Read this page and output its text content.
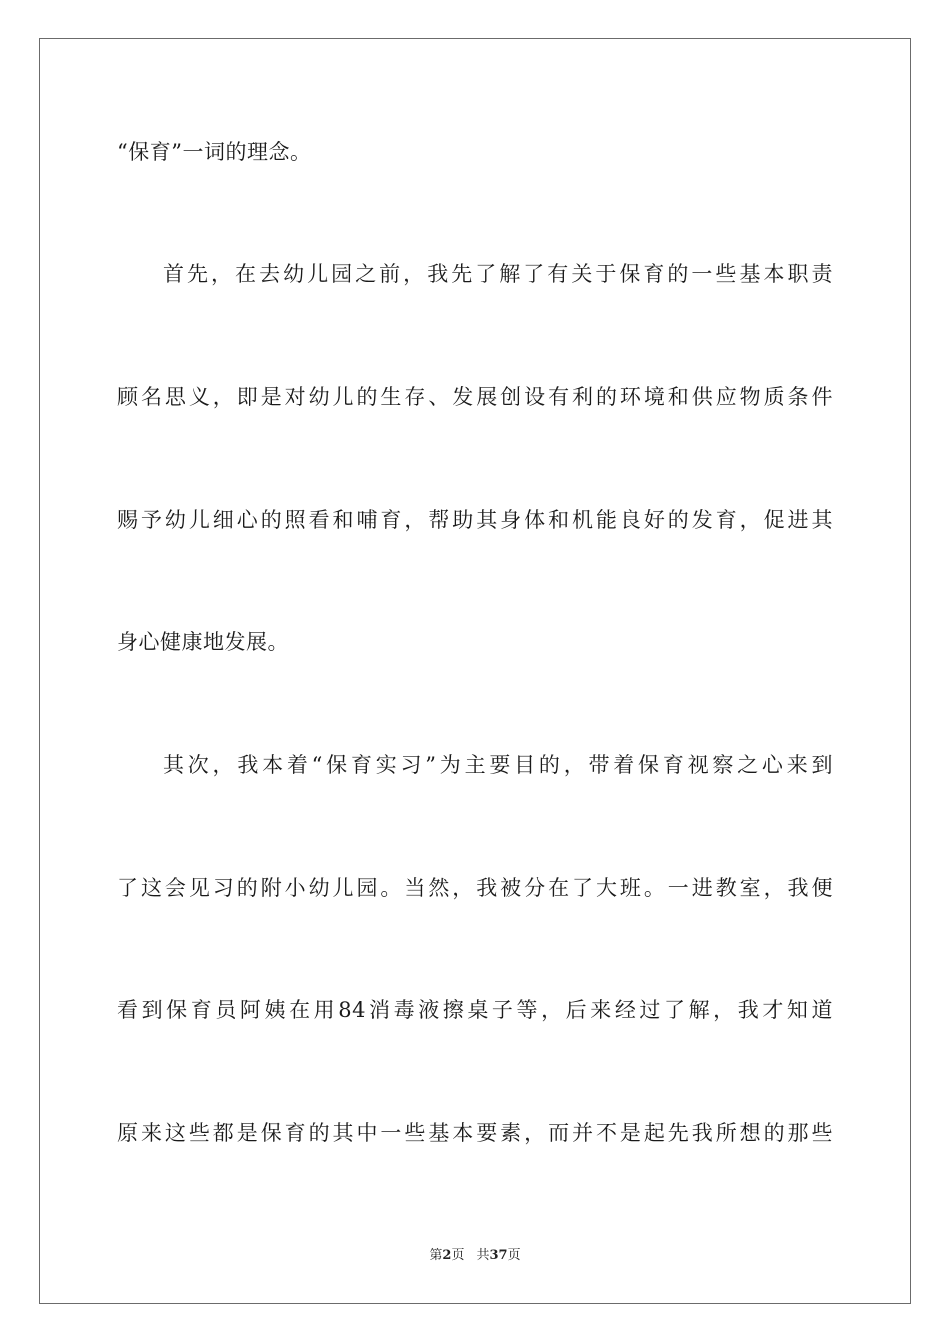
“保育”一词的理念。
首先，在去幼儿园之前，我先了解了有关于保育的一些基本职责
顾名思义，即是对幼儿的生存、发展创设有利的环境和供应物质条件
赐予幼儿细心的照看和哺育，帮助其身体和机能良好的发育，促进其
身心健康地发展。
其次，我本着“保育实习”为主要目的，带着保育视察之心来到
了这会见习的附小幼儿园。当然，我被分在了大班。一进教室，我便
看到保育员阿姨在用84消毒液擦桌子等，后来经过了解，我才知道
原来这些都是保育的其中一些基本要素，而并不是起先我所想的那些
第2页 共37页
